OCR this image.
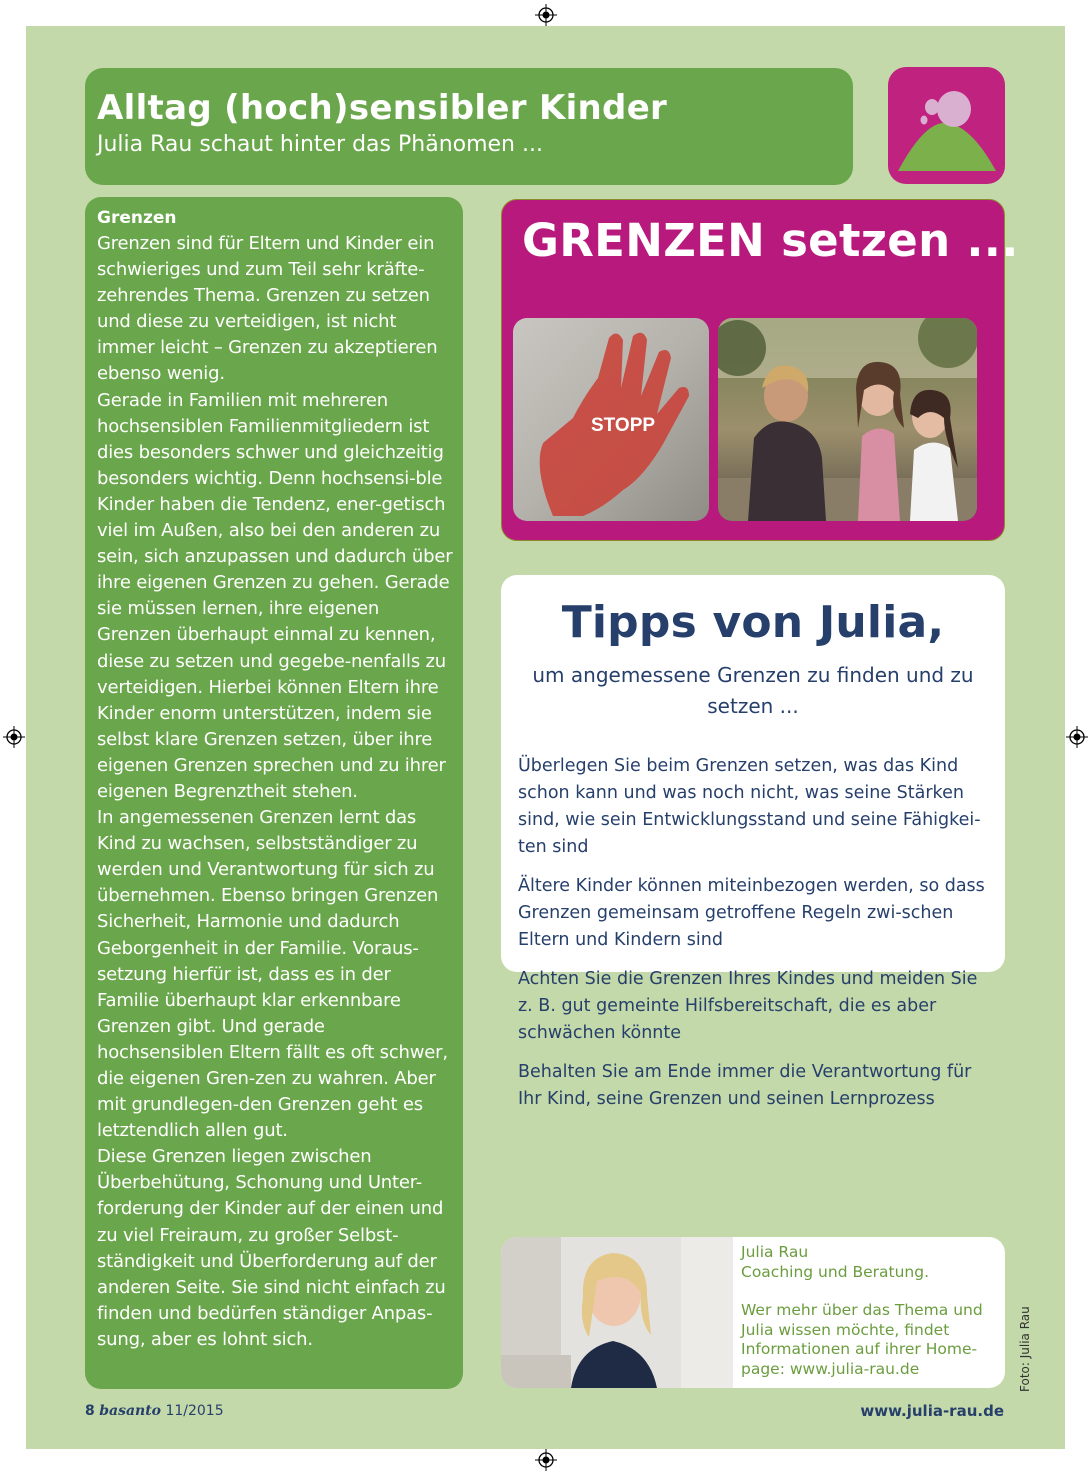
Alltag (hoch)sensibler Kinder
Julia Rau schaut hinter das Phänomen ...
Grenzen

Grenzen sind für Eltern und Kinder ein schwieriges und zum Teil sehr kräfte-zehrendes Thema. Grenzen zu setzen und diese zu verteidigen, ist nicht immer leicht – Grenzen zu akzeptieren ebenso wenig.

Gerade in Familien mit mehreren hochsensiblen Familienmitgliedern ist dies besonders schwer und gleichzeitig besonders wichtig. Denn hochsensi-ble Kinder haben die Tendenz, ener-getisch viel im Außen, also bei den anderen zu sein, sich anzupassen und dadurch über ihre eigenen Grenzen zu gehen. Gerade sie müssen lernen, ihre eigenen Grenzen überhaupt einmal zu kennen, diese zu setzen und gegebe-nenfalls zu verteidigen. Hierbei können Eltern ihre Kinder enorm unterstützen, indem sie selbst klare Grenzen setzen, über ihre eigenen Grenzen sprechen und zu ihrer eigenen Begrenztheit stehen.

In angemessenen Grenzen lernt das Kind zu wachsen, selbstständiger zu werden und Verantwortung für sich zu übernehmen. Ebenso bringen Grenzen Sicherheit, Harmonie und dadurch Geborgenheit in der Familie. Voraus-setzung hierfür ist, dass es in der Familie überhaupt klar erkennbare Grenzen gibt. Und gerade hochsensiblen Eltern fällt es oft schwer, die eigenen Gren-zen zu wahren. Aber mit grundlegen-den Grenzen geht es letztendlich allen gut.

Diese Grenzen liegen zwischen Überbehütung, Schonung und Unter-forderung der Kinder auf der einen und zu viel Freiraum, zu großer Selbst-ständigkeit und Überforderung auf der anderen Seite. Sie sind nicht einfach zu finden und bedürfen ständiger Anpas-sung, aber es lohnt sich.

GRENZEN setzen ...
STOPP
Tipps von Julia,
um angemessene Grenzen zu finden und zu setzen ...
Überlegen Sie beim Grenzen setzen, was das Kind schon kann und was noch nicht, was seine Stärken sind, wie sein Entwicklungsstand und seine Fähigkei-ten sind
Ältere Kinder können miteinbezogen werden, so dass Grenzen gemeinsam getroffene Regeln zwi-schen Eltern und Kindern sind
Achten Sie die Grenzen Ihres Kindes und meiden Sie z. B. gut gemeinte Hilfsbereitschaft, die es aber schwächen könnte
Behalten Sie am Ende immer die Verantwortung für Ihr Kind, seine Grenzen und seinen Lernprozess
Julia Rau
Coaching und Beratung.
Wer mehr über das Thema und Julia wissen möchte, findet Informationen auf ihrer Home-page: www.julia-rau.de	Foto: Julia Rau
8 basanto 11/2015	www.julia-rau.de
